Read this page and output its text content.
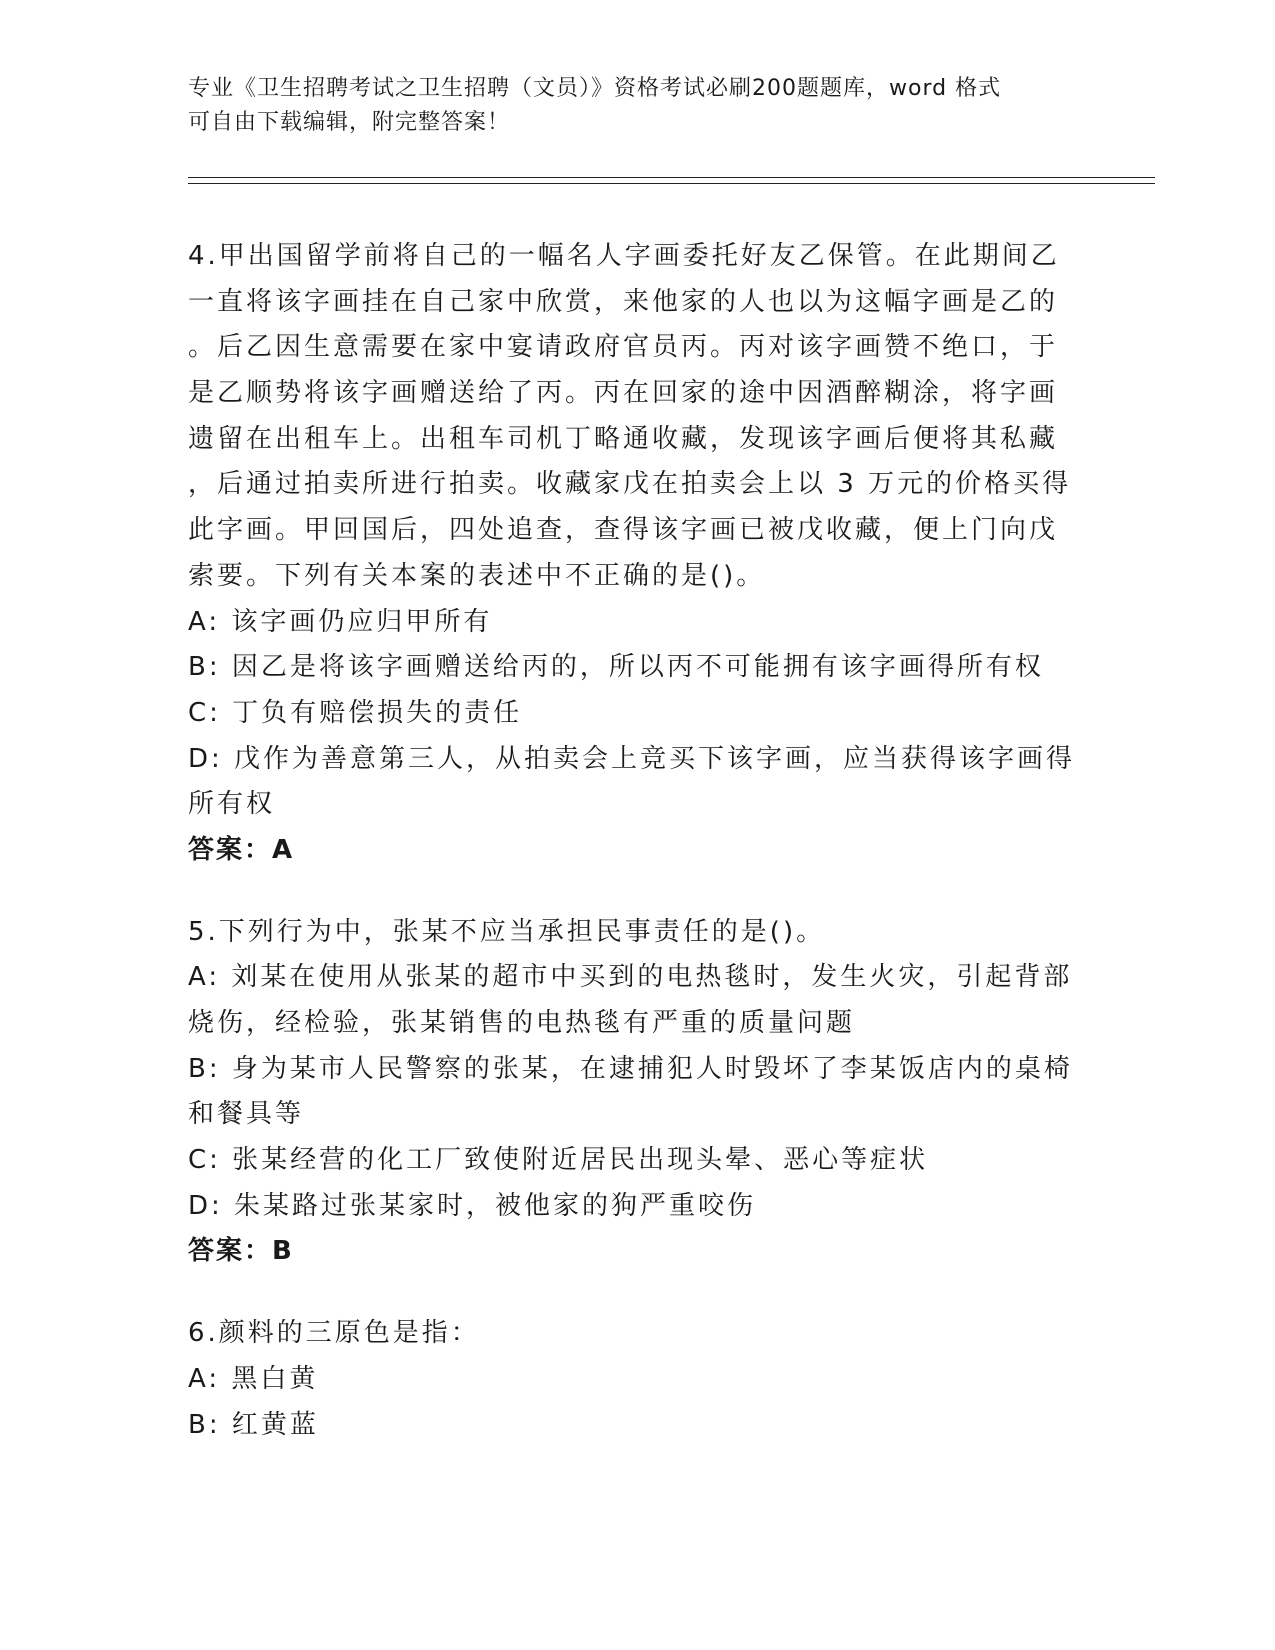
专业《卫生招聘考试之卫生招聘（文员）》资格考试必刷200题题库，word 格式
可自由下载编辑，附完整答案！
4.甲出国留学前将自己的一幅名人字画委托好友乙保管。在此期间乙
一直将该字画挂在自己家中欣赏，来他家的人也以为这幅字画是乙的
。后乙因生意需要在家中宴请政府官员丙。丙对该字画赞不绝口，于
是乙顺势将该字画赠送给了丙。丙在回家的途中因酒醉糊涂，将字画
遗留在出租车上。出租车司机丁略通收藏，发现该字画后便将其私藏
，后通过拍卖所进行拍卖。收藏家戊在拍卖会上以 3 万元的价格买得
此字画。甲回国后，四处追查，查得该字画已被戊收藏，便上门向戊
索要。下列有关本案的表述中不正确的是()。
A: 该字画仍应归甲所有
B: 因乙是将该字画赠送给丙的，所以丙不可能拥有该字画得所有权
C: 丁负有赔偿损失的责任
D: 戊作为善意第三人，从拍卖会上竞买下该字画，应当获得该字画得
所有权
答案：A
5.下列行为中，张某不应当承担民事责任的是()。
A: 刘某在使用从张某的超市中买到的电热毯时，发生火灾，引起背部
烧伤，经检验，张某销售的电热毯有严重的质量问题
B: 身为某市人民警察的张某，在逮捕犯人时毁坏了李某饭店内的桌椅
和餐具等
C: 张某经营的化工厂致使附近居民出现头晕、恶心等症状
D: 朱某路过张某家时，被他家的狗严重咬伤
答案：B
6.颜料的三原色是指：
A: 黑白黄
B: 红黄蓝
